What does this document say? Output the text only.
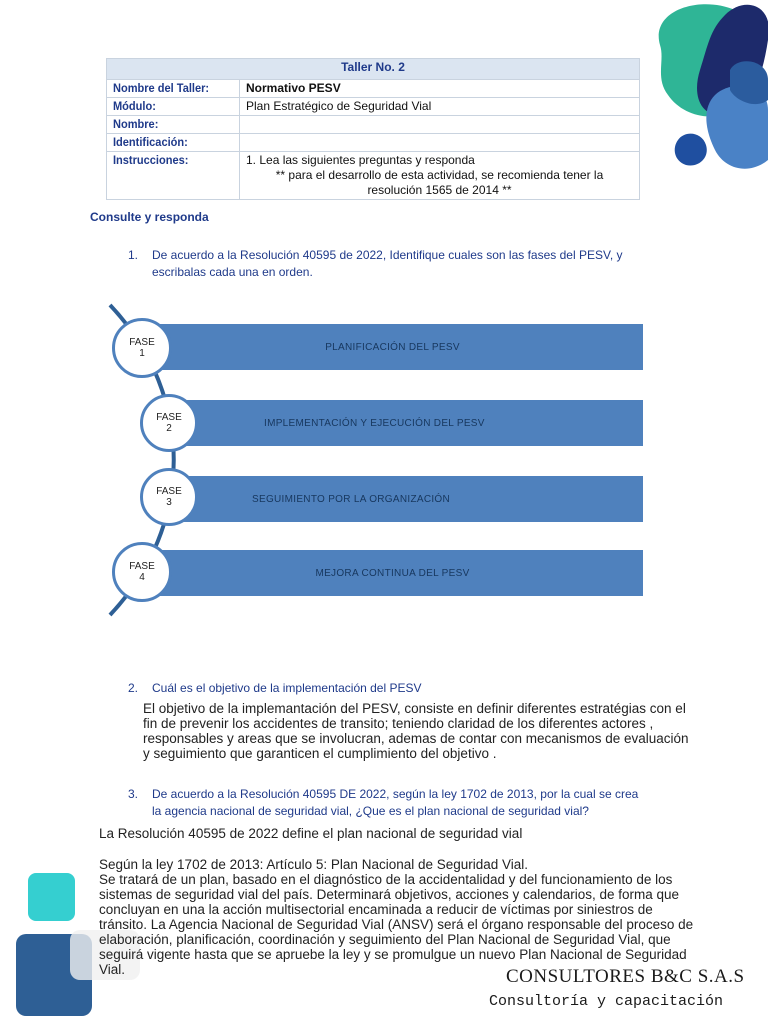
Taller No. 2	
Nombre del Taller:	Normativo PESV
Módulo:	Plan Estratégico de Seguridad Vial
Nombre:	
Identificación:	
Instrucciones:	1. Lea las siguientes preguntas y responda
** para el desarrollo de esta actividad, se recomienda tener la
resolución 1565 de 2014 **
Consulte y responda
1. De acuerdo a la Resolución 40595 de 2022, Identifique cuales son las fases del PESV, y
escribalas cada una en orden.
PLANIFICACIÓN DEL PESV
IMPLEMENTACIÓN Y EJECUCIÓN DEL PESV
SEGUIMIENTO POR LA ORGANIZACIÓN
MEJORA CONTINUA DEL PESV
FASE
1
FASE
2
FASE
3
FASE
4
2. Cuál es el objetivo de la implementación del PESV

El objetivo de la implemantación del PESV, consiste en definir diferentes estratégias con el

fin de prevenir los accidentes de transito; teniendo claridad de los diferentes actores ,

responsables y areas que se involucran, ademas de contar con mecanismos de evaluación

y seguimiento que garanticen el cumplimiento del objetivo .

3. De acuerdo a la Resolución 40595 DE 2022, según la ley 1702 de 2013, por la cual se crea
la agencia nacional de seguridad vial, ¿Que es el plan nacional de seguridad vial?
La Resolución 40595 de 2022 define el plan nacional de seguridad vial

Según la ley 1702 de 2013: Artículo 5: Plan Nacional de Seguridad Vial.

Se tratará de un plan, basado en el diagnóstico de la accidentalidad y del funcionamiento de los

sistemas de seguridad vial del país. Determinará objetivos, acciones y calendarios, de forma que

concluyan en una la acción multisectorial encaminada a reducir de víctimas por siniestros de

tránsito. La Agencia Nacional de Seguridad Vial (ANSV) será el órgano responsable del proceso de

elaboración, planificación, coordinación y seguimiento del Plan Nacional de Seguridad Vial, que

seguirá vigente hasta que se apruebe la ley y se promulgue un nuevo Plan Nacional de Seguridad

Vial.	CONSULTORES B&C S.A.S
Consultoría y capacitación
